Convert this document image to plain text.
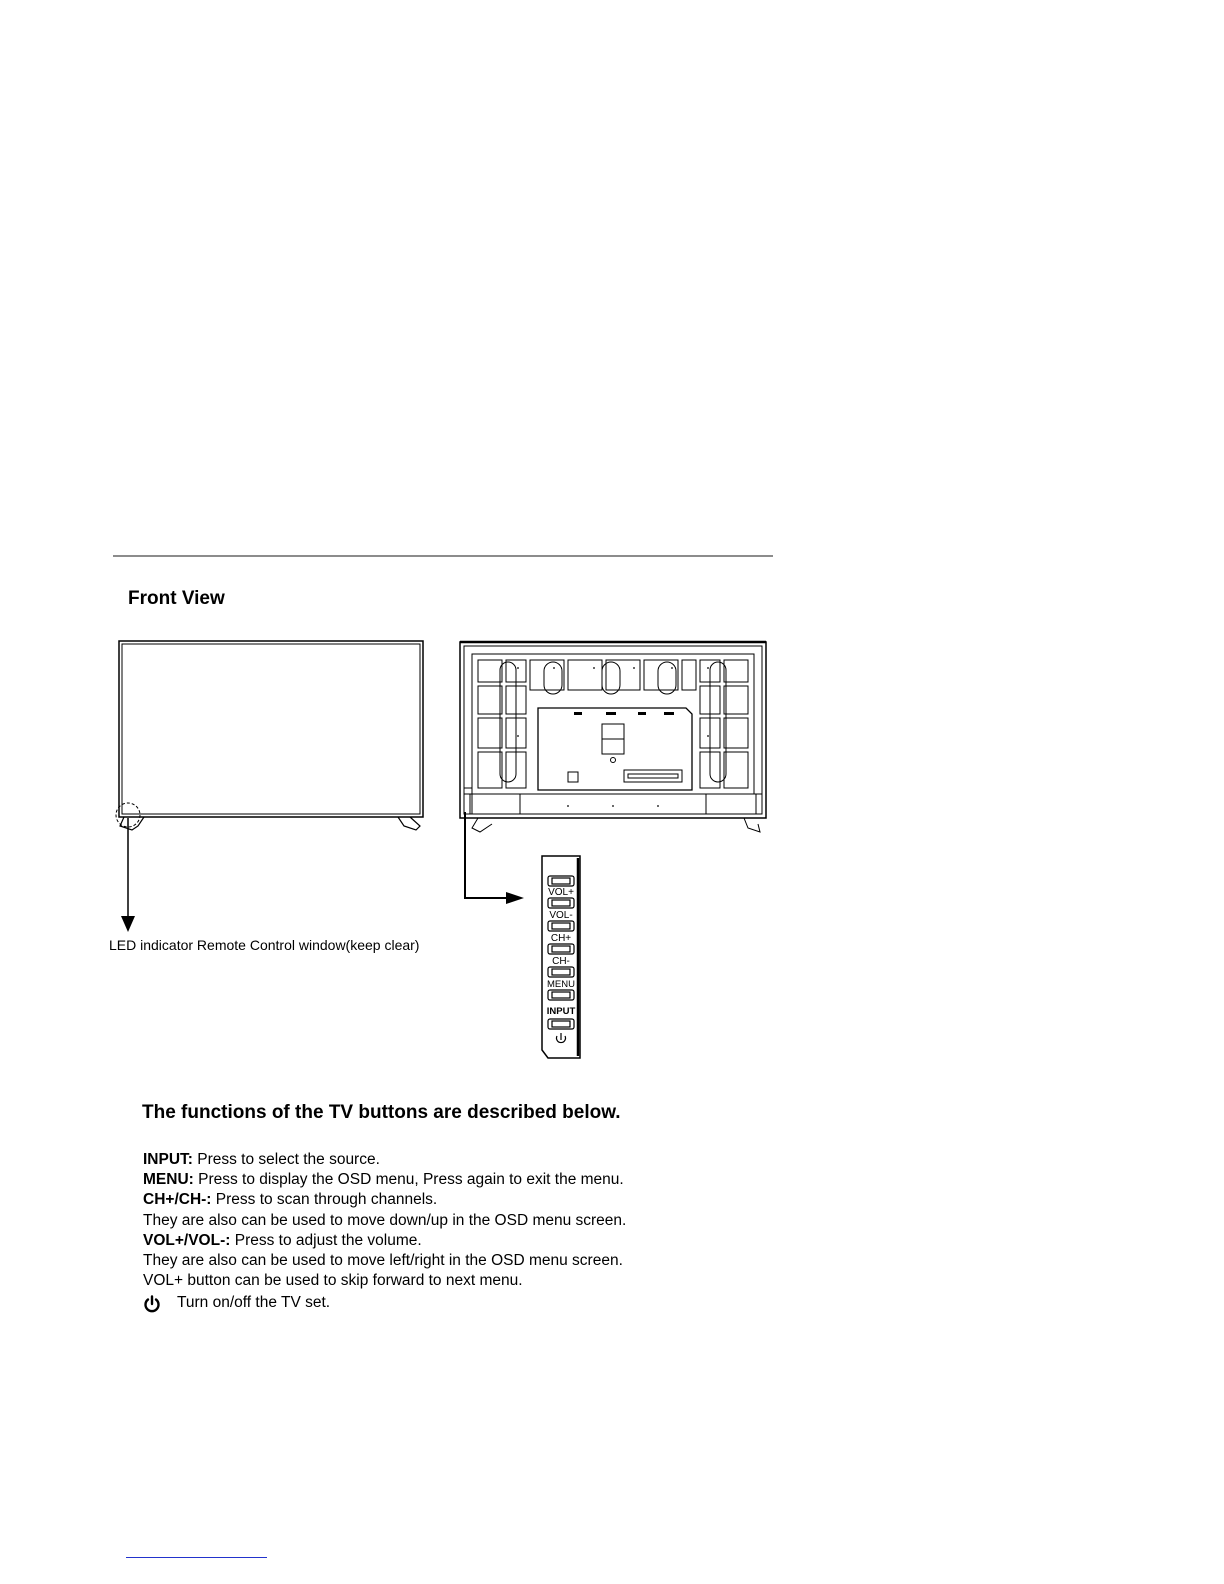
Front View
LED indicator Remote Control window(keep clear)
VOL+
VOL-
CH+
CH-
MENU
INPUT
The functions of the TV buttons are described below.
INPUT: Press to select the source.
MENU: Press to display the OSD menu, Press again to exit the menu.
CH+/CH-: Press to scan through channels.
They are also can be used to move down/up in the OSD menu screen.
VOL+/VOL-: Press to adjust the volume.
They are also can be used to move left/right in the OSD menu screen.
VOL+ button can be used to skip forward to next menu.
Turn on/off the TV set.
